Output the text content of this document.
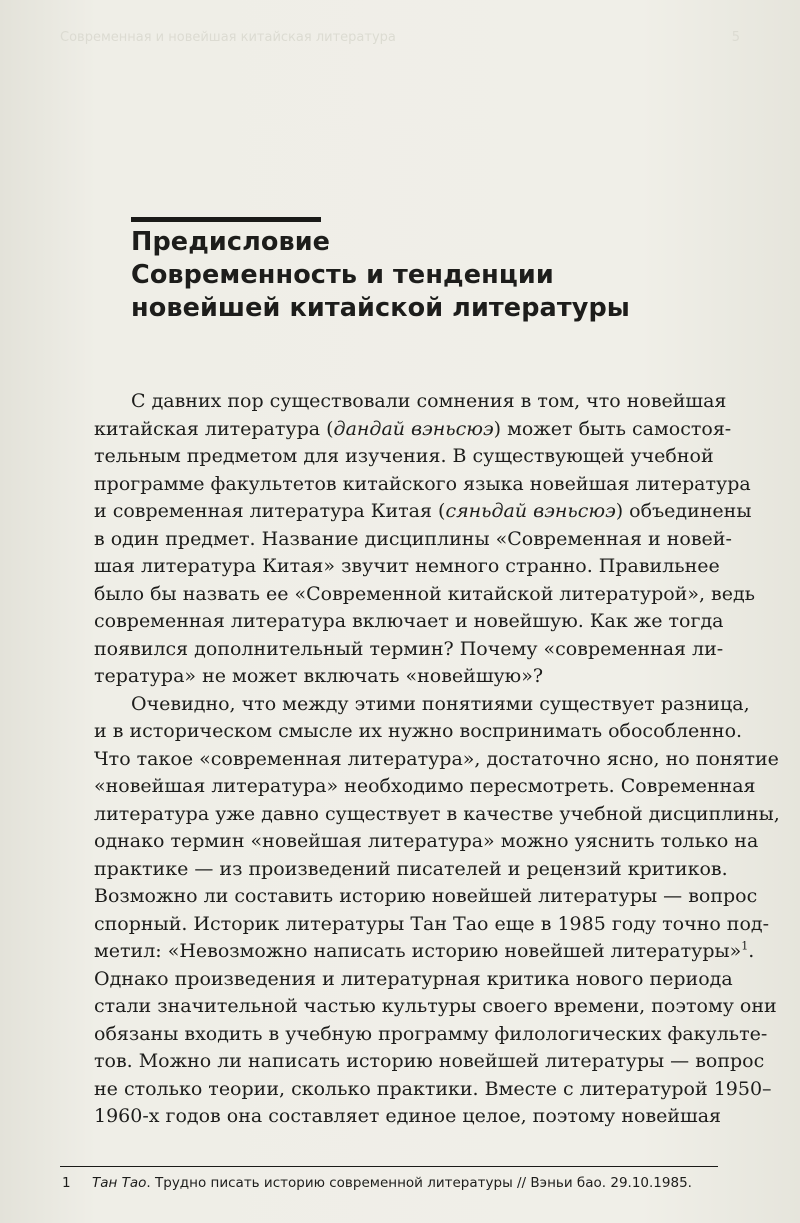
Современная и новейшая китайская литература	5
Предисловие
Современность и тенденции
новейшей китайской литературы
С давних пор существовали сомнения в том, что новейшая
китайская литература (дандай вэньсюэ) может быть самостоя-
тельным предметом для изучения. В существующей учебной
программе факультетов китайского языка новейшая литература
и современная литература Китая (сяньдай вэньсюэ) объединены
в один предмет. Название дисциплины «Современная и новей-
шая литература Китая» звучит немного странно. Правильнее
было бы назвать ее «Современной китайской литературой», ведь
современная литература включает и новейшую. Как же тогда
появился дополнительный термин? Почему «современная ли-
тература» не может включать «новейшую»?
Очевидно, что между этими понятиями существует разница,
и в историческом смысле их нужно воспринимать обособленно.
Что такое «современная литература», достаточно ясно, но понятие
«новейшая литература» необходимо пересмотреть. Современная
литература уже давно существует в качестве учебной дисциплины,
однако термин «новейшая литература» можно уяснить только на
практике — из произведений писателей и рецензий критиков.
Возможно ли составить историю новейшей литературы — вопрос
спорный. Историк литературы Тан Тао еще в 1985 году точно под-
метил: «Невозможно написать историю новейшей литературы»$^1$.
Однако произведения и литературная критика нового периода
стали значительной частью культуры своего времени, поэтому они
обязаны входить в учебную программу филологических факульте-
тов. Можно ли написать историю новейшей литературы — вопрос
не столько теории, сколько практики. Вместе с литературой 1950–
1960-х годов она составляет единое целое, поэтому новейшая
1 Тан Тао. Трудно писать историю современной литературы // Вэньи бао. 29.10.1985.
